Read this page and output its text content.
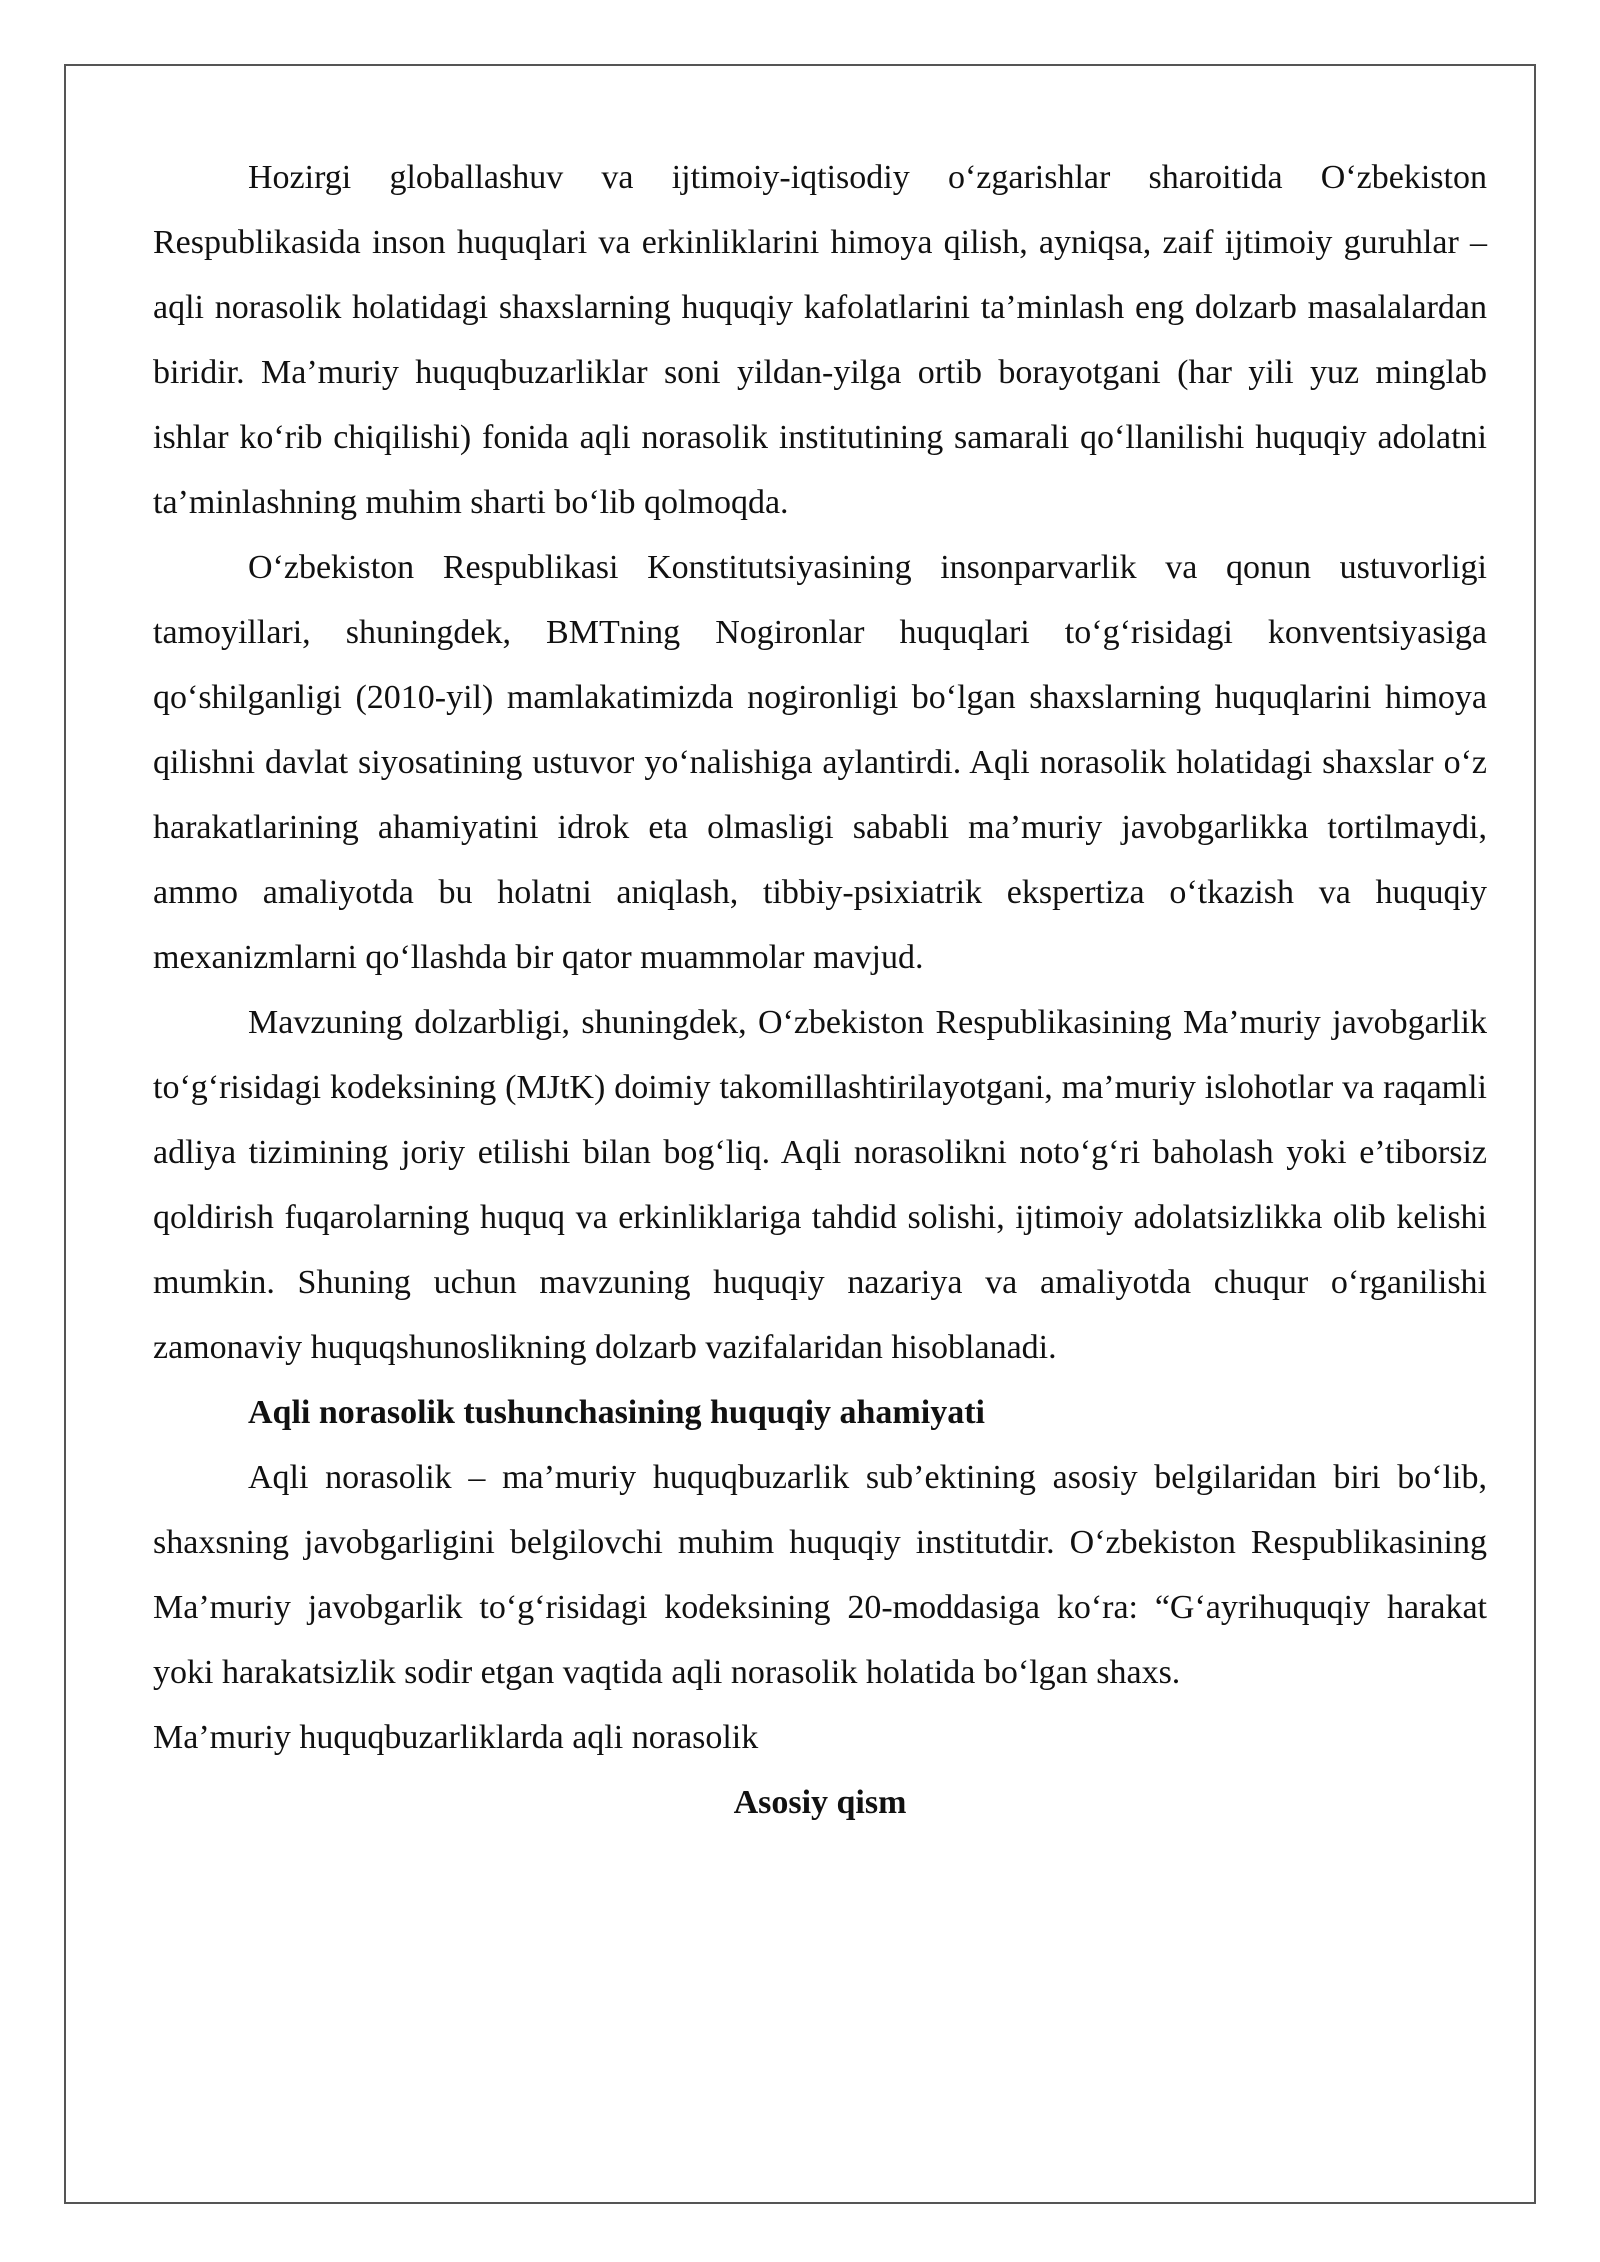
Hozirgi globallashuv va ijtimoiy-iqtisodiy o‘zgarishlar sharoitida O‘zbekiston Respublikasida inson huquqlari va erkinliklarini himoya qilish, ayniqsa, zaif ijtimoiy guruhlar – aqli norasolik holatidagi shaxslarning huquqiy kafolatlarini ta’minlash eng dolzarb masalalardan biridir. Ma’muriy huquqbuzarliklar soni yildan-yilga ortib borayotgani (har yili yuz minglab ishlar ko‘rib chiqilishi) fonida aqli norasolik institutining samarali qo‘llanilishi huquqiy adolatni ta’minlashning muhim sharti bo‘lib qolmoqda.

O‘zbekiston Respublikasi Konstitutsiyasining insonparvarlik va qonun ustuvorligi tamoyillari, shuningdek, BMTning Nogironlar huquqlari to‘g‘risidagi konventsiyasiga qo‘shilganligi (2010-yil) mamlakatimizda nogironligi bo‘lgan shaxslarning huquqlarini himoya qilishni davlat siyosatining ustuvor yo‘nalishiga aylantirdi. Aqli norasolik holatidagi shaxslar o‘z harakatlarining ahamiyatini idrok eta olmasligi sababli ma’muriy javobgarlikka tortilmaydi, ammo amaliyotda bu holatni aniqlash, tibbiy-psixiatrik ekspertiza o‘tkazish va huquqiy mexanizmlarni qo‘llashda bir qator muammolar mavjud.

Mavzuning dolzarbligi, shuningdek, O‘zbekiston Respublikasining Ma’muriy javobgarlik to‘g‘risidagi kodeksining (MJtK) doimiy takomillashtirilayotgani, ma’muriy islohotlar va raqamli adliya tizimining joriy etilishi bilan bog‘liq. Aqli norasolikni noto‘g‘ri baholash yoki e’tiborsiz qoldirish fuqarolarning huquq va erkinliklariga tahdid solishi, ijtimoiy adolatsizlikka olib kelishi mumkin. Shuning uchun mavzuning huquqiy nazariya va amaliyotda chuqur o‘rganilishi zamonaviy huquqshunoslikning dolzarb vazifalaridan hisoblanadi.

Aqli norasolik tushunchasining huquqiy ahamiyati

Aqli norasolik – ma’muriy huquqbuzarlik sub’ektining asosiy belgilaridan biri bo‘lib, shaxsning javobgarligini belgilovchi muhim huquqiy institutdir. O‘zbekiston Respublikasining Ma’muriy javobgarlik to‘g‘risidagi kodeksining 20-moddasiga ko‘ra: “G‘ayrihuquqiy harakat yoki harakatsizlik sodir etgan vaqtida aqli norasolik holatida bo‘lgan shaxs.

Ma’muriy huquqbuzarliklarda aqli norasolik

Asosiy qism
